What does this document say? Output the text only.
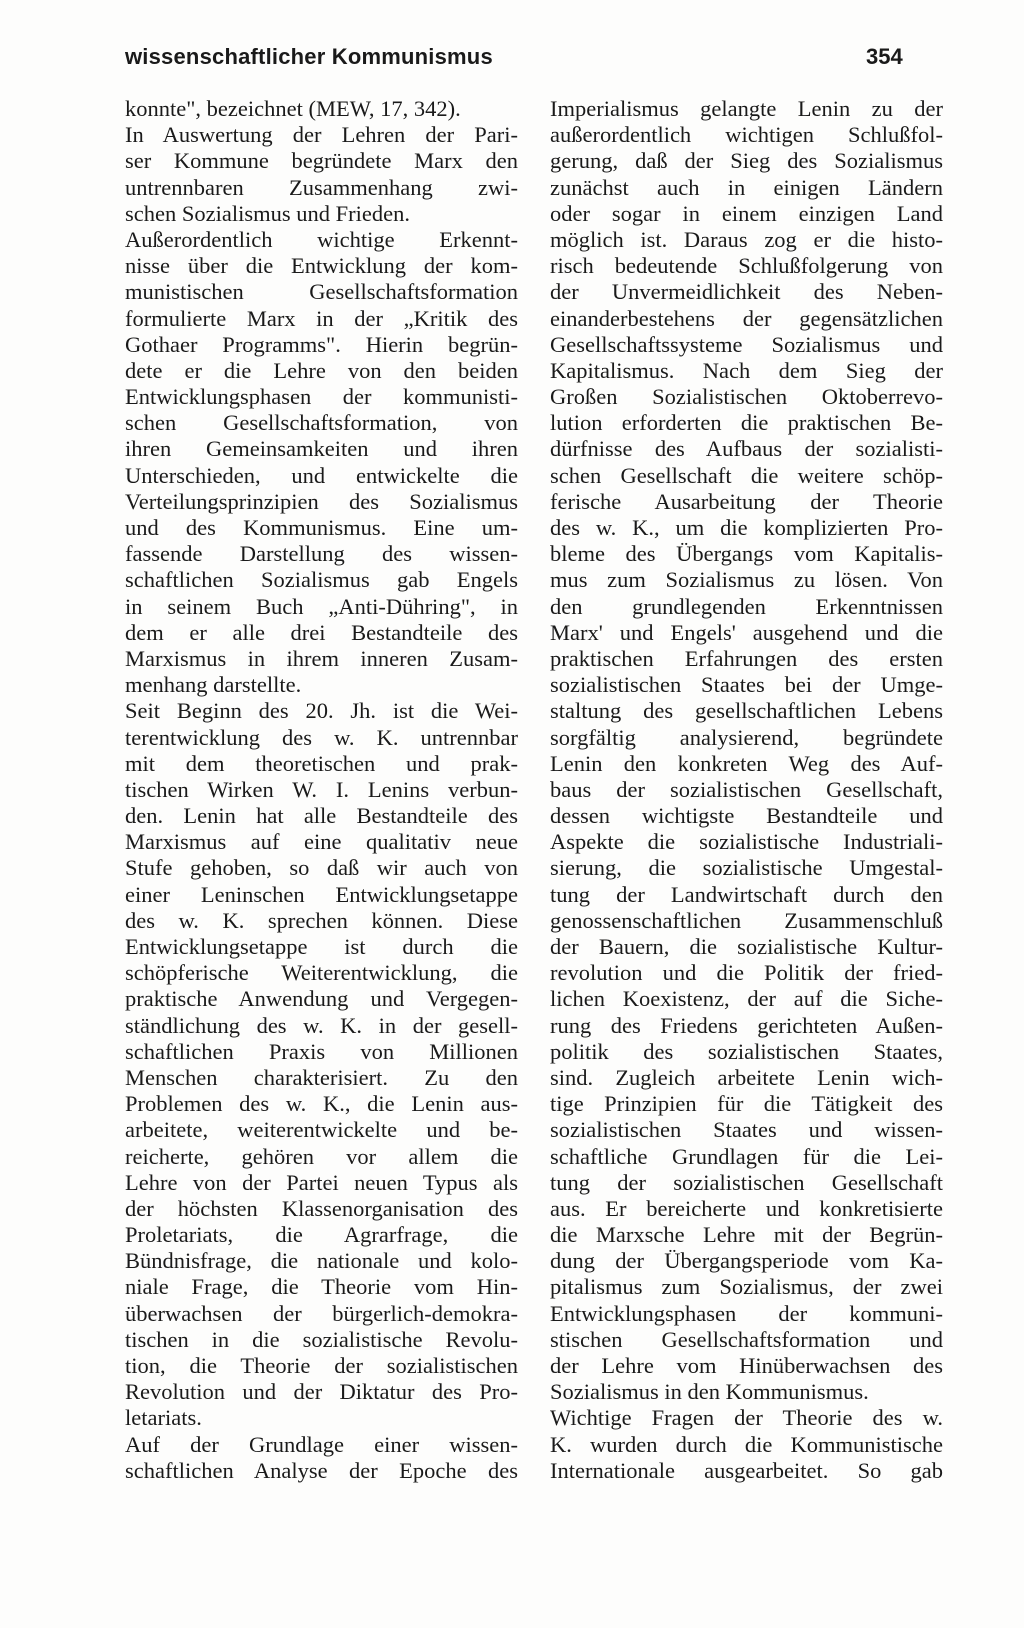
wissenschaftlicher Kommunismus	354
konnte", bezeichnet (MEW, 17, 342).
In Auswertung der Lehren der Pari-
ser Kommune begründete Marx den
untrennbaren Zusammenhang zwi-
schen Sozialismus und Frieden.
Außerordentlich wichtige Erkennt-
nisse über die Entwicklung der kom-
munistischen Gesellschaftsformation
formulierte Marx in der „Kritik des
Gothaer Programms". Hierin begrün-
dete er die Lehre von den beiden
Entwicklungsphasen der kommunisti-
schen Gesellschaftsformation, von
ihren Gemeinsamkeiten und ihren
Unterschieden, und entwickelte die
Verteilungsprinzipien des Sozialismus
und des Kommunismus. Eine um-
fassende Darstellung des wissen-
schaftlichen Sozialismus gab Engels
in seinem Buch „Anti-Dühring", in
dem er alle drei Bestandteile des
Marxismus in ihrem inneren Zusam-
menhang darstellte.
Seit Beginn des 20. Jh. ist die Wei-
terentwicklung des w. K. untrennbar
mit dem theoretischen und prak-
tischen Wirken W. I. Lenins verbun-
den. Lenin hat alle Bestandteile des
Marxismus auf eine qualitativ neue
Stufe gehoben, so daß wir auch von
einer Leninschen Entwicklungsetappe
des w. K. sprechen können. Diese
Entwicklungsetappe ist durch die
schöpferische Weiterentwicklung, die
praktische Anwendung und Vergegen-
ständlichung des w. K. in der gesell-
schaftlichen Praxis von Millionen
Menschen charakterisiert. Zu den
Problemen des w. K., die Lenin aus-
arbeitete, weiterentwickelte und be-
reicherte, gehören vor allem die
Lehre von der Partei neuen Typus als
der höchsten Klassenorganisation des
Proletariats, die Agrarfrage, die
Bündnisfrage, die nationale und kolo-
niale Frage, die Theorie vom Hin-
überwachsen der bürgerlich-demokra-
tischen in die sozialistische Revolu-
tion, die Theorie der sozialistischen
Revolution und der Diktatur des Pro-
letariats.
Auf der Grundlage einer wissen-
schaftlichen Analyse der Epoche des
Imperialismus gelangte Lenin zu der
außerordentlich wichtigen Schlußfol-
gerung, daß der Sieg des Sozialismus
zunächst auch in einigen Ländern
oder sogar in einem einzigen Land
möglich ist. Daraus zog er die histo-
risch bedeutende Schlußfolgerung von
der Unvermeidlichkeit des Neben-
einanderbestehens der gegensätzlichen
Gesellschaftssysteme Sozialismus und
Kapitalismus. Nach dem Sieg der
Großen Sozialistischen Oktoberrevo-
lution erforderten die praktischen Be-
dürfnisse des Aufbaus der sozialisti-
schen Gesellschaft die weitere schöp-
ferische Ausarbeitung der Theorie
des w. K., um die komplizierten Pro-
bleme des Übergangs vom Kapitalis-
mus zum Sozialismus zu lösen. Von
den grundlegenden Erkenntnissen
Marx' und Engels' ausgehend und die
praktischen Erfahrungen des ersten
sozialistischen Staates bei der Umge-
staltung des gesellschaftlichen Lebens
sorgfältig analysierend, begründete
Lenin den konkreten Weg des Auf-
baus der sozialistischen Gesellschaft,
dessen wichtigste Bestandteile und
Aspekte die sozialistische Industriali-
sierung, die sozialistische Umgestal-
tung der Landwirtschaft durch den
genossenschaftlichen Zusammenschluß
der Bauern, die sozialistische Kultur-
revolution und die Politik der fried-
lichen Koexistenz, der auf die Siche-
rung des Friedens gerichteten Außen-
politik des sozialistischen Staates,
sind. Zugleich arbeitete Lenin wich-
tige Prinzipien für die Tätigkeit des
sozialistischen Staates und wissen-
schaftliche Grundlagen für die Lei-
tung der sozialistischen Gesellschaft
aus. Er bereicherte und konkretisierte
die Marxsche Lehre mit der Begrün-
dung der Übergangsperiode vom Ka-
pitalismus zum Sozialismus, der zwei
Entwicklungsphasen der kommuni-
stischen Gesellschaftsformation und
der Lehre vom Hinüberwachsen des
Sozialismus in den Kommunismus.
Wichtige Fragen der Theorie des w.
K. wurden durch die Kommunistische
Internationale ausgearbeitet. So gab
